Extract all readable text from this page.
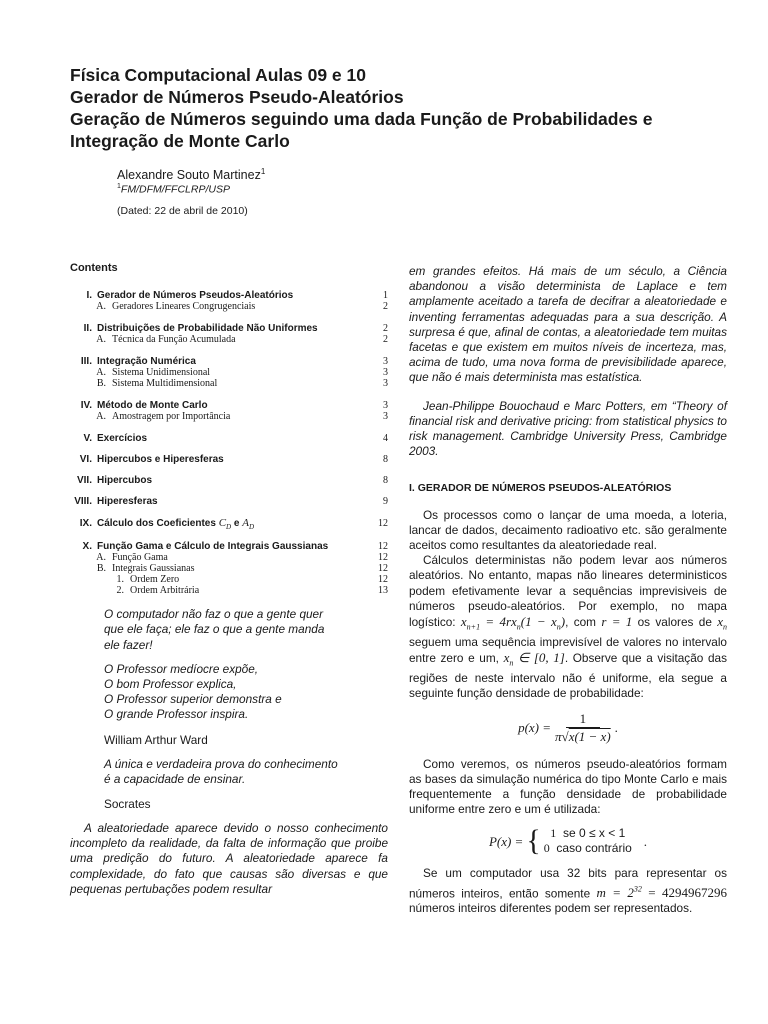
Física Computacional Aulas 09 e 10

Gerador de Números Pseudo-Aleatórios

Geração de Números seguindo uma dada Função de Probabilidades e

Integração de Monte Carlo

Alexandre Souto Martinez$^1$
$^1$FM/DFM/FFCLRP/USP
(Dated: 22 de abril de 2010)

Contents

I. Gerador de Números Pseudos-Aleatórios	1
A. Geradores Lineares Congrugenciais	2
II. Distribuições de Probabilidade Não Uniformes	2
A. Técnica da Função Acumulada	2
III. Integração Numérica	3
A. Sistema Unidimensional	3
B. Sistema Multidimensional	3
IV. Método de Monte Carlo	3
A. Amostragem por Importância	3
V. Exercícios	4
VI. Hipercubos e Hiperesferas	8
VII. Hipercubos	8
VIII. Hiperesferas	9
IX. Cálculo dos Coeficientes $C_D$ e $A_D$	12
X. Função Gama e Cálculo de Integrais Gaussianas	12
A. Função Gama	12
B. Integrais Gaussianas	12
1. Ordem Zero	12
2. Ordem Arbitrária	13

O computador não faz o que a gente quer

que ele faça; ele faz o que a gente manda

ele fazer!

O Professor medíocre expõe,

O bom Professor explica,

O Professor superior demonstra e

O grande Professor inspira.

William Arthur Ward

A única e verdadeira prova do conhecimento

é a capacidade de ensinar.

Socrates

A aleatoriedade aparece devido o nosso conhecimento incompleto da realidade, da falta de informação que proibe uma predição do futuro. A aleatoriedade aparece fa complexidade, do fato que causas são diversas e que pequenas pertubações podem resultar

em grandes efeitos. Há mais de um século, a Ciência abandonou a visão determinista de Laplace e tem amplamente aceitado a tarefa de decifrar a aleatoriedade e inventing ferramentas adequadas para a sua descrição. A surpresa é que, afinal de contas, a aleatoriedade tem muitas facetas e que existem em muitos níveis de incerteza, mas, acima de tudo, uma nova forma de previsibilidade aparece, que não é mais determinista mas estatística.

Jean-Philippe Bouochaud e Marc Potters, em “Theory of financial risk and derivative pricing: from statistical physics to risk management. Cambridge University Press, Cambridge 2003.

I. GERADOR DE NÚMEROS PSEUDOS-ALEATÓRIOS

Os processos como o lançar de uma moeda, a loteria, lancar de dados, decaimento radioativo etc. são geralmente aceitos como resultantes da aleatoriedade real.

Cálculos deterministas não podem levar aos números aleatórios. No entanto, mapas não lineares deterministicos podem efetivamente levar a sequências imprevisiveis de números pseudo-aleatórios. Por exemplo, no mapa logístico: $x_{n+1} = 4rx_n(1 - x_n)$, com r = 1 os valores de $x_n$ seguem uma sequência imprevisível de valores no intervalo entre zero e um, $x_n$ ∈ [0, 1]. Observe que a visitação das regiões de neste intervalo não é uniforme, ela segue a seguinte função densidade de probabilidade:

$p(x) = \frac{1}{\pi√x(1 - x)}$ .

Como veremos, os números pseudo-aleatórios formam as bases da simulação numérica do tipo Monte Carlo e mais frequentemente a função densidade de probabilidade uniforme entre zero e um é utilizada:

P(x) = { 1 se 0 ≤ x < 1
0 caso contrário .

Se um computador usa 32 bits para representar os números inteiros, então somente $m = 2^{32} = 4294967296$ números inteiros diferentes podem ser representados.
